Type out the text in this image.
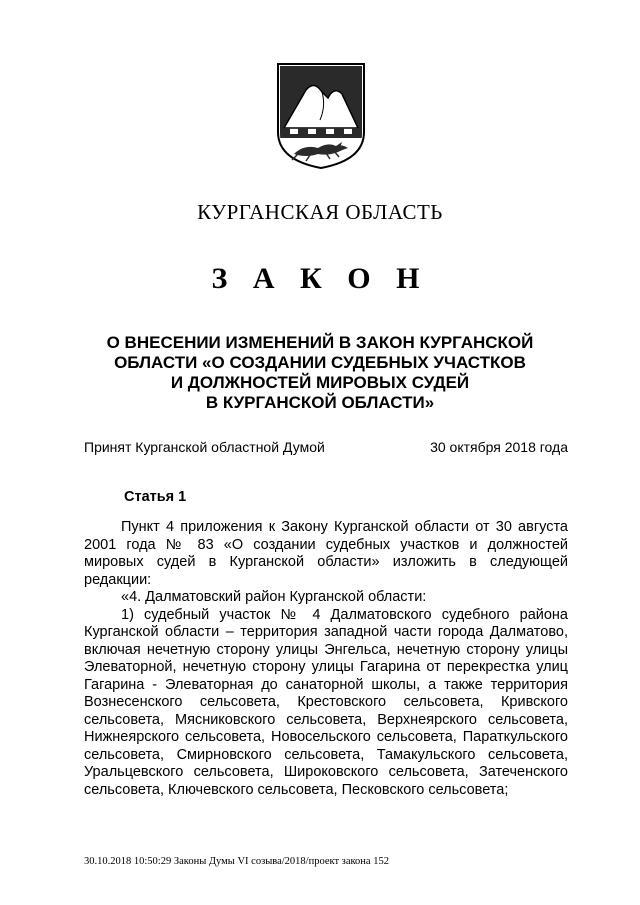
КУРГАНСКАЯ ОБЛАСТЬ
З А К О Н
О ВНЕСЕНИИ ИЗМЕНЕНИЙ В ЗАКОН КУРГАНСКОЙ
ОБЛАСТИ «О СОЗДАНИИ СУДЕБНЫХ УЧАСТКОВ
И ДОЛЖНОСТЕЙ МИРОВЫХ СУДЕЙ
В КУРГАНСКОЙ ОБЛАСТИ»
Принят Курганской областной Думой	30 октября 2018 года
Статья 1

Пункт 4 приложения к Закону Курганской области от 30 августа 2001 года № 83 «О создании судебных участков и должностей мировых судей в Курганской области» изложить в следующей редакции:

«4. Далматовский район Курганской области:

1) судебный участок № 4 Далматовского судебного района Курганской области – территория западной части города Далматово, включая нечетную сторону улицы Энгельса, нечетную сторону улицы Элеваторной, нечетную сторону улицы Гагарина от перекрестка улиц Гагарина - Элеваторная до санаторной школы, а также территория Вознесенского сельсовета, Крестовского сельсовета, Кривского сельсовета, Мясниковского сельсовета, Верхнеярского сельсовета, Нижнеярского сельсовета, Новосельского сельсовета, Параткульского сельсовета, Смирновского сельсовета, Тамакульского сельсовета, Уральцевского сельсовета, Широковского сельсовета, Затеченского сельсовета, Ключевского сельсовета, Песковского сельсовета;

30.10.2018 10:50:29 Законы Думы VI созыва/2018/проект закона 152
